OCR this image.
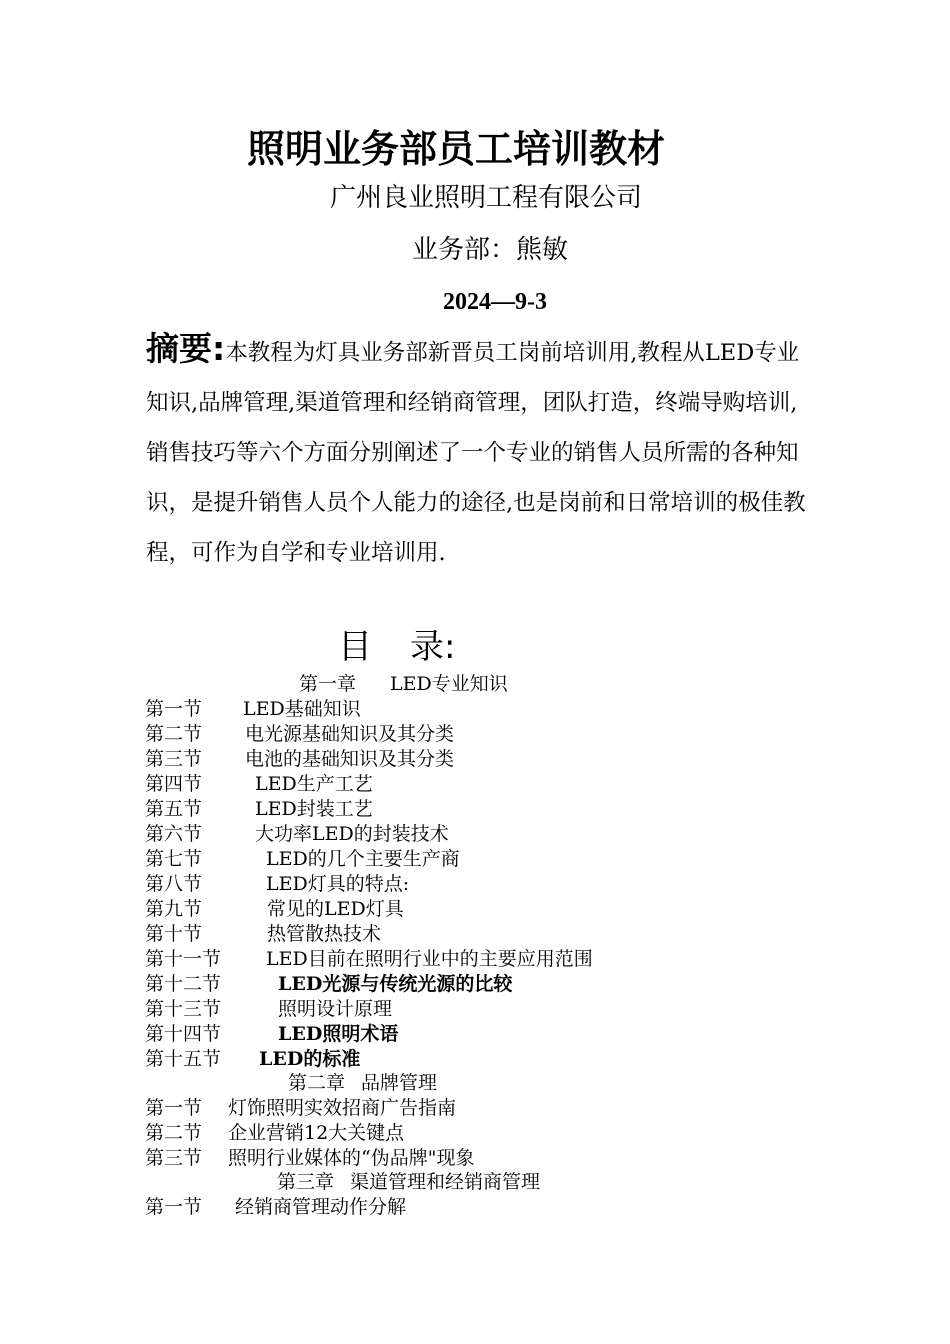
照明业务部员工培训教材
广州良业照明工程有限公司
业务部：熊敏
2024—9-3
摘要:本教程为灯具业务部新晋员工岗前培训用,教程从LED专业知识,品牌管理,渠道管理和经销商管理，团队打造，终端导购培训,销售技巧等六个方面分别阐述了一个专业的销售人员所需的各种知识，是提升销售人员个人能力的途径,也是岗前和日常培训的极佳教程，可作为自学和专业培训用.
目 录:
第一章 LED专业知识
第一节 LED基础知识
第二节 电光源基础知识及其分类
第三节 电池的基础知识及其分类
第四节	LED生产工艺
第五节	LED封装工艺
第六节	大功率LED的封装技术
第七节	LED的几个主要生产商
第八节	LED灯具的特点:
第九节	常见的LED灯具
第十节	热管散热技术
第十一节 LED目前在照明行业中的主要应用范围
第十二节	LED光源与传统光源的比较
第十三节	照明设计原理
第十四节	LED照明术语
第十五节 LED的标准
第二章 品牌管理
第一节 灯饰照明实效招商广告指南
第二节 企业营销12大关键点
第三节 照明行业媒体的“伪品牌"现象
第三章 渠道管理和经销商管理
第一节 经销商管理动作分解
